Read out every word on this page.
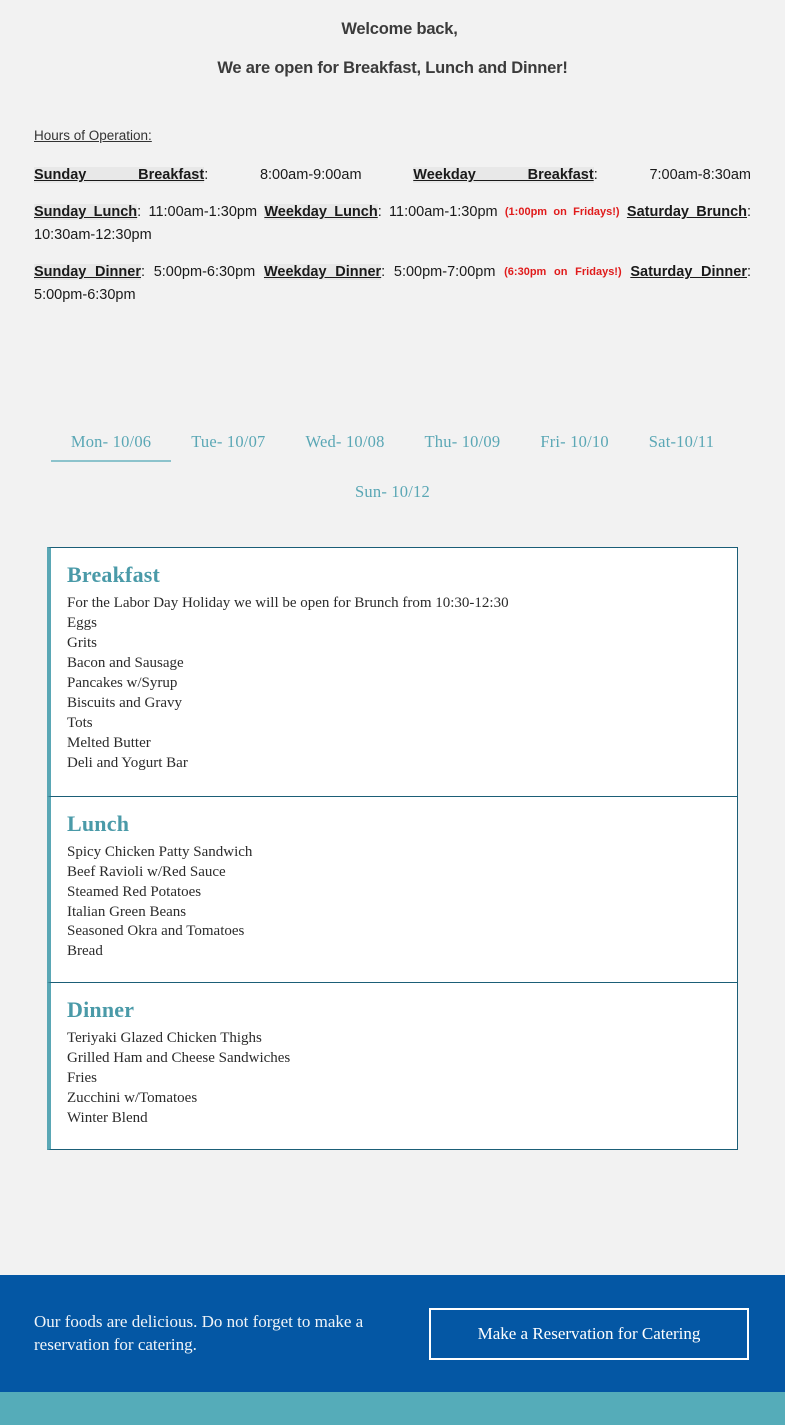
Welcome back,
We are open for Breakfast, Lunch and Dinner!
Hours of Operation:
Sunday Breakfast: 8:00am-9:00am	Weekday Breakfast: 7:00am-8:30am
Sunday Lunch: 11:00am-1:30pm Weekday Lunch: 11:00am-1:30pm (1:00pm on Fridays!) Saturday Brunch: 10:30am-12:30pm
Sunday Dinner: 5:00pm-6:30pm Weekday Dinner: 5:00pm-7:00pm (6:30pm on Fridays!) Saturday Dinner: 5:00pm-6:30pm
Mon- 10/06	Tue- 10/07	Wed- 10/08	Thu- 10/09	Fri- 10/10	Sat-10/11
Sun- 10/12
Breakfast
For the Labor Day Holiday we will be open for Brunch from 10:30-12:30
Eggs
Grits
Bacon and Sausage
Pancakes w/Syrup
Biscuits and Gravy
Tots
Melted Butter
Deli and Yogurt Bar
Lunch
Spicy Chicken Patty Sandwich
Beef Ravioli w/Red Sauce
Steamed Red Potatoes
Italian Green Beans
Seasoned Okra and Tomatoes
Bread
Dinner
Teriyaki Glazed Chicken Thighs
Grilled Ham and Cheese Sandwiches
Fries
Zucchini w/Tomatoes
Winter Blend
Our foods are delicious. Do not forget to make a reservation for catering.
Make a Reservation for Catering
